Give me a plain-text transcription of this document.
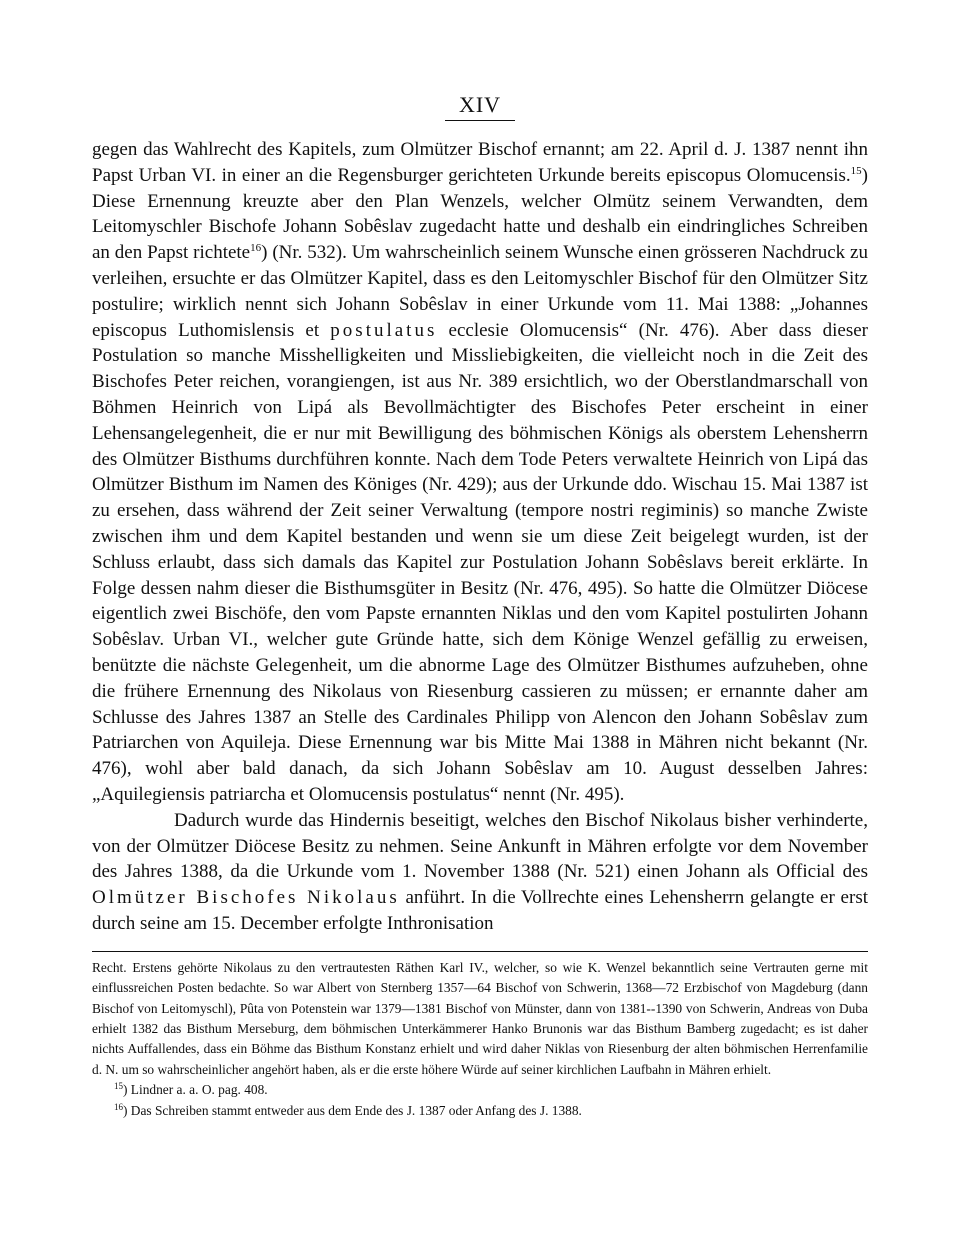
XIV

gegen das Wahlrecht des Kapitels, zum Olmützer Bischof ernannt; am 22. April d. J. 1387 nennt ihn Papst Urban VI. in einer an die Regensburger gerichteten Urkunde bereits episcopus Olomucensis.$^{15}$) Diese Ernennung kreuzte aber den Plan Wenzels, welcher Olmütz seinem Verwandten, dem Leitomyschler Bischofe Johann Sobêslav zugedacht hatte und deshalb ein eindringliches Schreiben an den Papst richtete$^{16}$) (Nr. 532). Um wahrscheinlich seinem Wunsche einen grösseren Nachdruck zu verleihen, ersuchte er das Olmützer Kapitel, dass es den Leitomyschler Bischof für den Olmützer Sitz postulire; wirklich nennt sich Johann Sobêslav in einer Urkunde vom 11. Mai 1388: „Johannes episcopus Luthomislensis et postulatus ecclesie Olomucensis“ (Nr. 476). Aber dass dieser Postulation so manche Misshelligkeiten und Missliebigkeiten, die vielleicht noch in die Zeit des Bischofes Peter reichen, vorangiengen, ist aus Nr. 389 ersichtlich, wo der Oberstlandmarschall von Böhmen Heinrich von Lipá als Bevollmächtigter des Bischofes Peter erscheint in einer Lehensangelegenheit, die er nur mit Bewilligung des böhmischen Königs als oberstem Lehensherrn des Olmützer Bisthums durchführen konnte. Nach dem Tode Peters verwaltete Heinrich von Lipá das Olmützer Bisthum im Namen des Königes (Nr. 429); aus der Urkunde ddo. Wischau 15. Mai 1387 ist zu ersehen, dass während der Zeit seiner Verwaltung (tempore nostri regiminis) so manche Zwiste zwischen ihm und dem Kapitel bestanden und wenn sie um diese Zeit beigelegt wurden, ist der Schluss erlaubt, dass sich damals das Kapitel zur Postulation Johann Sobêslavs bereit erklärte. In Folge dessen nahm dieser die Bisthumsgüter in Besitz (Nr. 476, 495). So hatte die Olmützer Diöcese eigentlich zwei Bischöfe, den vom Papste ernannten Niklas und den vom Kapitel postulirten Johann Sobêslav. Urban VI., welcher gute Gründe hatte, sich dem Könige Wenzel gefällig zu erweisen, benützte die nächste Gelegenheit, um die abnorme Lage des Olmützer Bisthumes aufzuheben, ohne die frühere Ernennung des Nikolaus von Riesenburg cassieren zu müssen; er ernannte daher am Schlusse des Jahres 1387 an Stelle des Cardinales Philipp von Alencon den Johann Sobêslav zum Patriarchen von Aquileja. Diese Ernennung war bis Mitte Mai 1388 in Mähren nicht bekannt (Nr. 476), wohl aber bald danach, da sich Johann Sobêslav am 10. August desselben Jahres: „Aquilegiensis patriarcha et Olomucensis postulatus“ nennt (Nr. 495).

Dadurch wurde das Hindernis beseitigt, welches den Bischof Nikolaus bisher verhinderte, von der Olmützer Diöcese Besitz zu nehmen. Seine Ankunft in Mähren erfolgte vor dem November des Jahres 1388, da die Urkunde vom 1. November 1388 (Nr. 521) einen Johann als Official des Olmützer Bischofes Nikolaus anführt. In die Vollrechte eines Lehensherrn gelangte er erst durch seine am 15. December erfolgte Inthronisation

Recht. Erstens gehörte Nikolaus zu den vertrautesten Räthen Karl IV., welcher, so wie K. Wenzel bekanntlich seine Vertrauten gerne mit einflussreichen Posten bedachte. So war Albert von Sternberg 1357—64 Bischof von Schwerin, 1368—72 Erzbischof von Magdeburg (dann Bischof von Leitomyschl), Pûta von Potenstein war 1379—1381 Bischof von Münster, dann von 1381--1390 von Schwerin, Andreas von Duba erhielt 1382 das Bisthum Merseburg, dem böhmischen Unterkämmerer Hanko Brunonis war das Bisthum Bamberg zugedacht; es ist daher nichts Auffallendes, dass ein Böhme das Bisthum Konstanz erhielt und wird daher Niklas von Riesenburg der alten böhmischen Herrenfamilie d. N. um so wahrscheinlicher angehört haben, als er die erste höhere Würde auf seiner kirchlichen Laufbahn in Mähren erhielt.

$^{15}$) Lindner a. a. O. pag. 408.

$^{16}$) Das Schreiben stammt entweder aus dem Ende des J. 1387 oder Anfang des J. 1388.
